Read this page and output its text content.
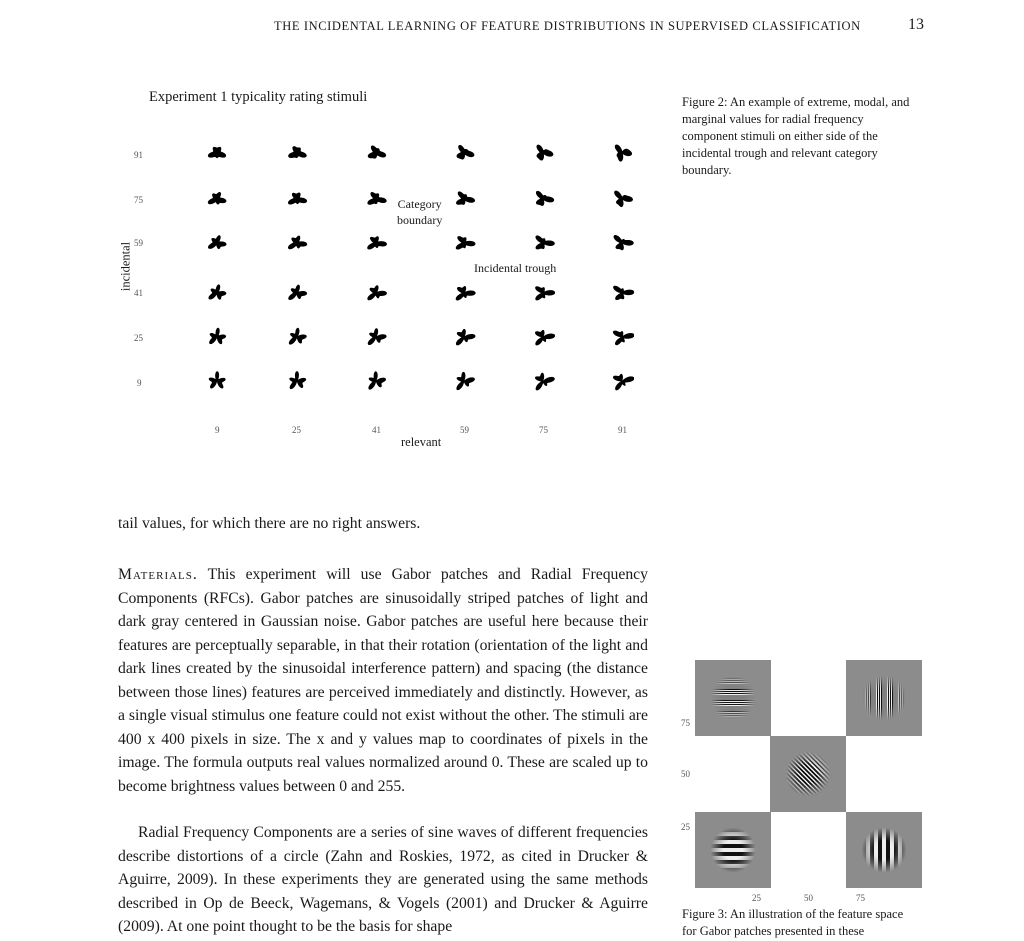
THE INCIDENTAL LEARNING OF FEATURE DISTRIBUTIONS IN SUPERVISED CLASSIFICATION	13
Experiment 1 typicality rating stimuli
incidental
relevant
91
75
59
41
25
9
9	25	41	59	75	91
Category
boundary
Incidental trough
Figure 2: An example of extreme, modal, and marginal values for radial frequency component stimuli on either side of the incidental trough and relevant category boundary.
tail values, for which there are no right answers.

Materials. This experiment will use Gabor patches and Radial Frequency Components (RFCs). Gabor patches are sinusoidally striped patches of light and dark gray centered in Gaussian noise. Gabor patches are useful here because their features are perceptually separable, in that their rotation (orientation of the light and dark lines created by the sinusoidal interference pattern) and spacing (the distance between those lines) features are perceived immediately and distinctly. However, as a single visual stimulus one feature could not exist without the other. The stimuli are 400 x 400 pixels in size. The x and y values map to coordinates of pixels in the image. The formula outputs real values normalized around 0. These are scaled up to become brightness values between 0 and 255.

Radial Frequency Components are a series of sine waves of different frequencies describe distortions of a circle (Zahn and Roskies, 1972, as cited in Drucker & Aguirre, 2009). In these experiments they are generated using the same methods described in Op de Beeck, Wagemans, & Vogels (2001) and Drucker & Aguirre (2009). At one point thought to be the basis for shape
75
50
25
25	50	75
Figure 3: An illustration of the feature space for Gabor patches presented in these
